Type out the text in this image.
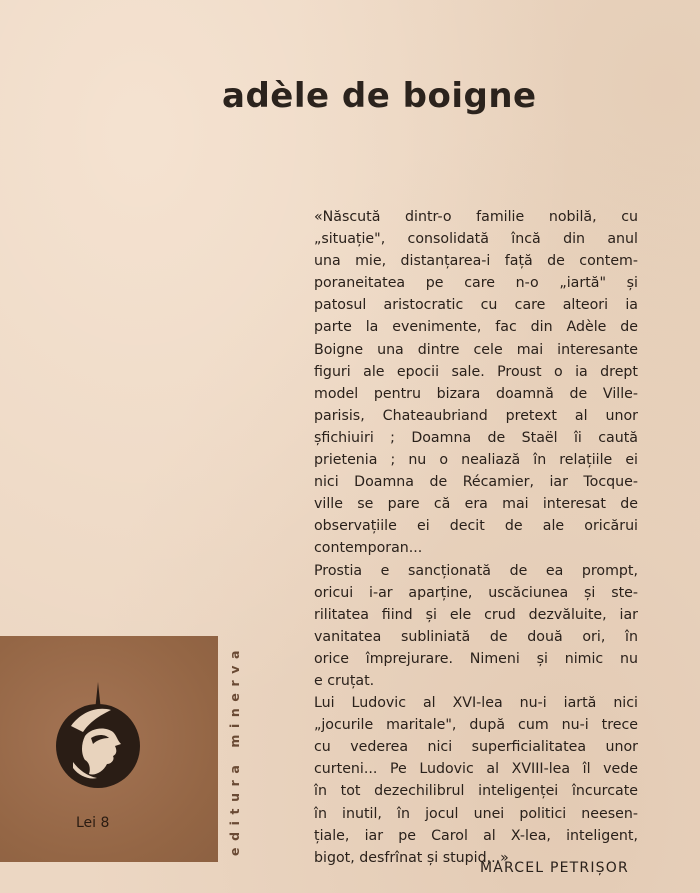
adèle de boigne
«Născută dintr-o familie nobilă, cu
„situație", consolidată încă din anul
una mie, distanțarea-i față de contem-
poraneitatea pe care n-o „iartă" și
patosul aristocratic cu care alteori ia
parte la evenimente, fac din Adèle de
Boigne una dintre cele mai interesante
figuri ale epocii sale. Proust o ia drept
model pentru bizara doamnă de Ville-
parisis, Chateaubriand pretext al unor
șfichiuiri ; Doamna de Staël îi caută
prietenia ; nu o nealiază în relațiile ei
nici Doamna de Récamier, iar Tocque-
ville se pare că era mai interesat de
observațiile ei decit de ale oricărui
contemporan...
Prostia e sancționată de ea prompt,
oricui i-ar aparține, uscăciunea și ste-
rilitatea fiind și ele crud dezvăluite, iar
vanitatea subliniată de două ori, în
orice împrejurare. Nimeni și nimic nu
e cruțat.
Lui Ludovic al XVI-lea nu-i iartă nici
„jocurile maritale", după cum nu-i trece
cu vederea nici superficialitatea unor
curteni... Pe Ludovic al XVIII-lea îl vede
în tot dezechilibrul inteligenței încurcate
în inutil, în jocul unei politici neesen-
țiale, iar pe Carol al X-lea, inteligent,
bigot, desfrînat și stupid...»

MARCEL PETRIȘOR

Lei 8	editura minerva
